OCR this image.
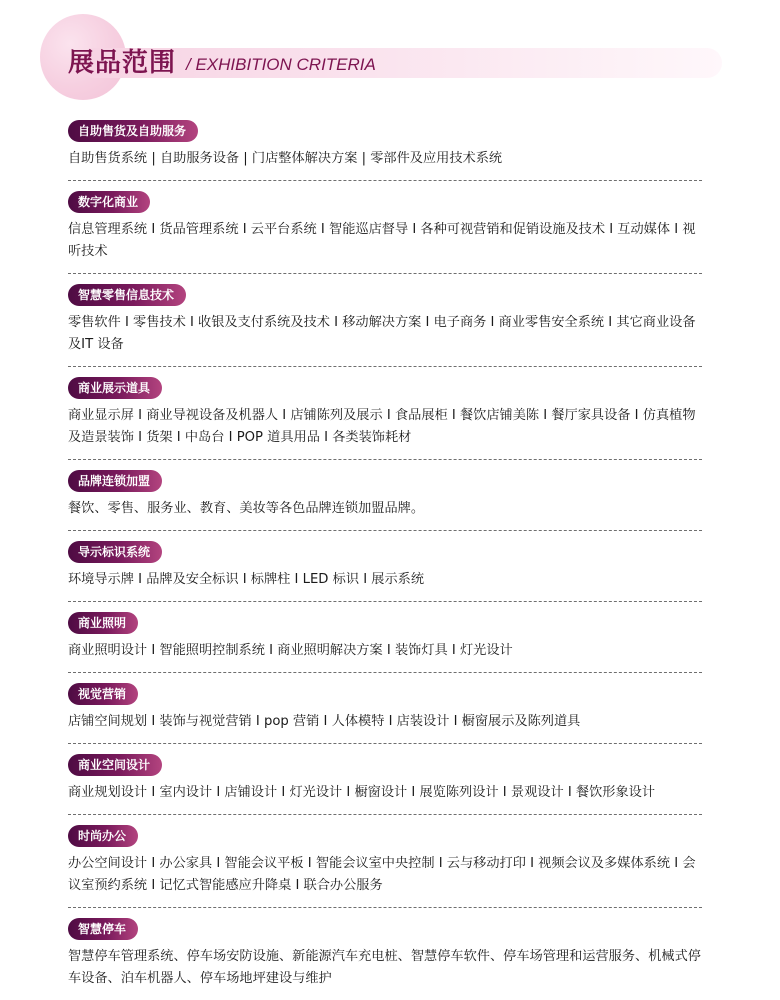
展品范围 / EXHIBITION CRITERIA
自助售货及自助服务
自助售货系统 | 自助服务设备 | 门店整体解决方案 | 零部件及应用技术系统
数字化商业
信息管理系统 I 货品管理系统 I 云平台系统 I 智能巡店督导 I 各种可视营销和促销设施及技术 I 互动媒体 I 视听技术
智慧零售信息技术
零售软件 I 零售技术 I 收银及支付系统及技术 I 移动解决方案 I 电子商务 I 商业零售安全系统 I 其它商业设备及IT 设备
商业展示道具
商业显示屏 I 商业导视设备及机器人 I 店铺陈列及展示 I 食品展柜 I 餐饮店铺美陈 I 餐厅家具设备 I 仿真植物及造景装饰 I 货架 I 中岛台 I POP 道具用品 I 各类装饰耗材
品牌连锁加盟
餐饮、零售、服务业、教育、美妆等各色品牌连锁加盟品牌。
导示标识系统
环境导示牌 I 品牌及安全标识 I 标牌柱 I LED 标识 I 展示系统
商业照明
商业照明设计 I 智能照明控制系统 I 商业照明解决方案 I 装饰灯具 I 灯光设计
视觉营销
店铺空间规划 I 装饰与视觉营销 I pop 营销 I 人体模特 I 店装设计 I 橱窗展示及陈列道具
商业空间设计
商业规划设计 I 室内设计 I 店铺设计 I 灯光设计 I 橱窗设计 I 展览陈列设计 I 景观设计 I 餐饮形象设计
时尚办公
办公空间设计 I 办公家具 I 智能会议平板 I 智能会议室中央控制 I 云与移动打印 I 视频会议及多媒体系统 I 会议室预约系统 I 记忆式智能感应升降桌 I 联合办公服务
智慧停车
智慧停车管理系统、停车场安防设施、新能源汽车充电桩、智慧停车软件、停车场管理和运营服务、机械式停车设备、泊车机器人、停车场地坪建设与维护
